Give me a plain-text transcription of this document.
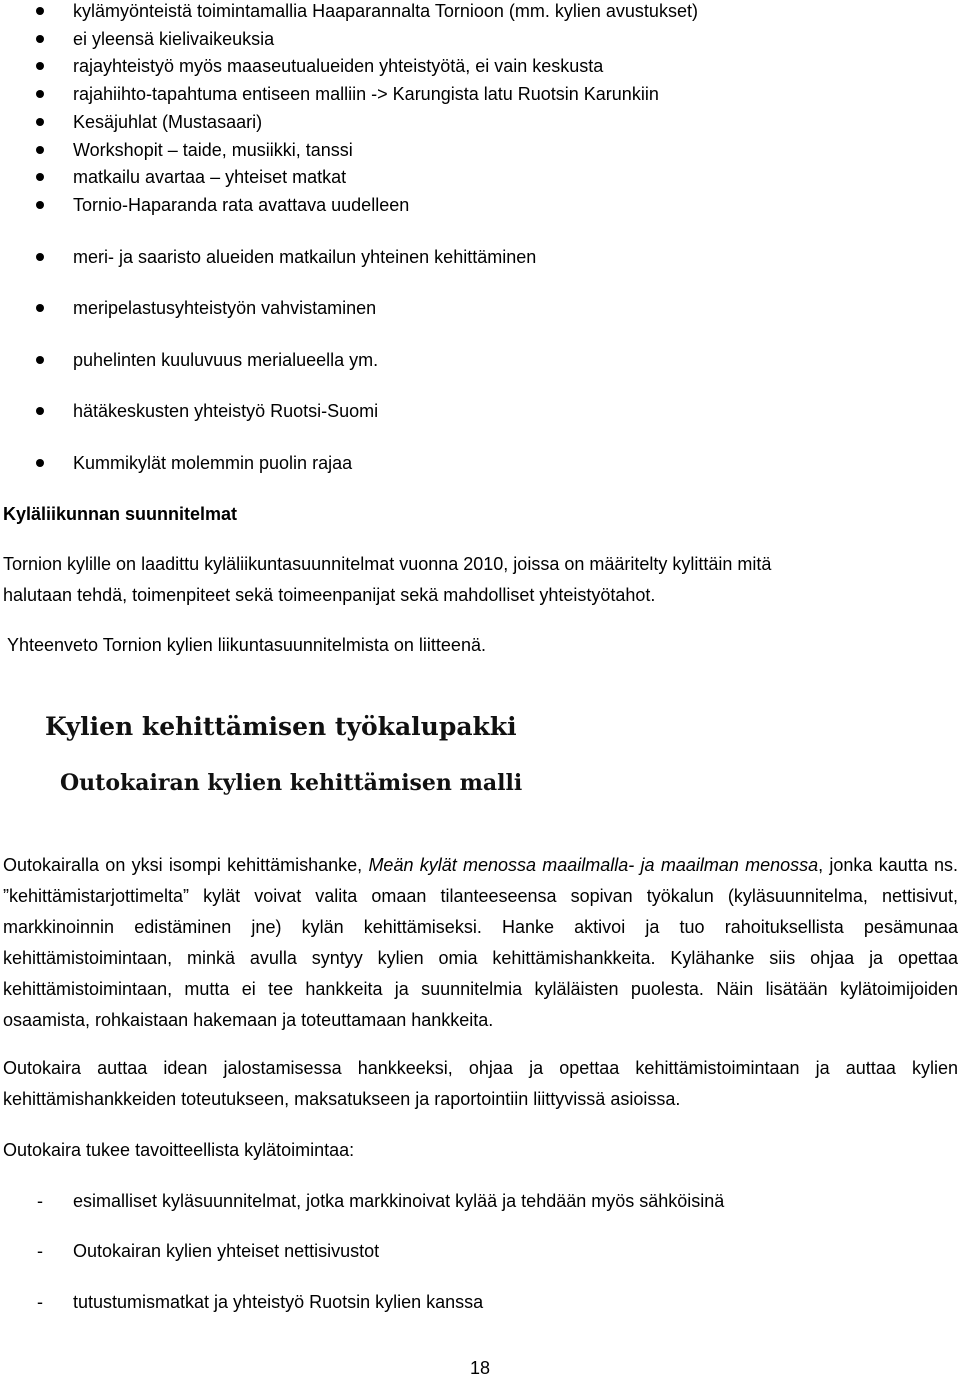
kylämyönteistä toimintamallia Haaparannalta Tornioon (mm. kylien avustukset)
ei yleensä kielivaikeuksia
rajayhteistyö myös maaseutualueiden yhteistyötä, ei vain keskusta
rajahiihto-tapahtuma entiseen malliin -> Karungista latu Ruotsin Karunkiin
Kesäjuhlat (Mustasaari)
Workshopit – taide, musiikki, tanssi
matkailu avartaa – yhteiset matkat
Tornio-Haparanda rata avattava uudelleen
meri- ja saaristo alueiden matkailun yhteinen kehittäminen
meripelastusyhteistyön vahvistaminen
puhelinten kuuluvuus merialueella ym.
hätäkeskusten yhteistyö Ruotsi-Suomi
Kummikylät molemmin puolin rajaa
Kyläliikunnan suunnitelmat
Tornion kylille on laadittu kyläliikuntasuunnitelmat vuonna 2010, joissa on määritelty kylittäin mitä
halutaan tehdä, toimenpiteet sekä toimeenpanijat sekä mahdolliset yhteistyötahot.
Yhteenveto Tornion kylien liikuntasuunnitelmista on liitteenä.
Kylien kehittämisen työkalupakki
Outokairan kylien kehittämisen malli
Outokairalla on yksi isompi kehittämishanke, Meän kylät menossa maailmalla- ja maailman menossa, jonka kautta ns. ”kehittämistarjottimelta” kylät voivat valita omaan tilanteeseensa sopivan työkalun (kyläsuunnitelma, nettisivut, markkinoinnin edistäminen jne) kylän kehittämiseksi. Hanke aktivoi ja tuo rahoituksellista pesämunaa kehittämistoimintaan, minkä avulla syntyy kylien omia kehittämishankkeita. Kylähanke siis ohjaa ja opettaa kehittämistoimintaan, mutta ei tee hankkeita ja suunnitelmia kyläläisten puolesta. Näin lisätään kylätoimijoiden osaamista, rohkaistaan hakemaan ja toteuttamaan hankkeita.
Outokaira auttaa idean jalostamisessa hankkeeksi, ohjaa ja opettaa kehittämistoimintaan ja auttaa kylien kehittämishankkeiden toteutukseen, maksatukseen ja raportointiin liittyvissä asioissa.
Outokaira tukee tavoitteellista kylätoimintaa:
- esimalliset kyläsuunnitelmat, jotka markkinoivat kylää ja tehdään myös sähköisinä
- Outokairan kylien yhteiset nettisivustot
- tutustumismatkat ja yhteistyö Ruotsin kylien kanssa
18
